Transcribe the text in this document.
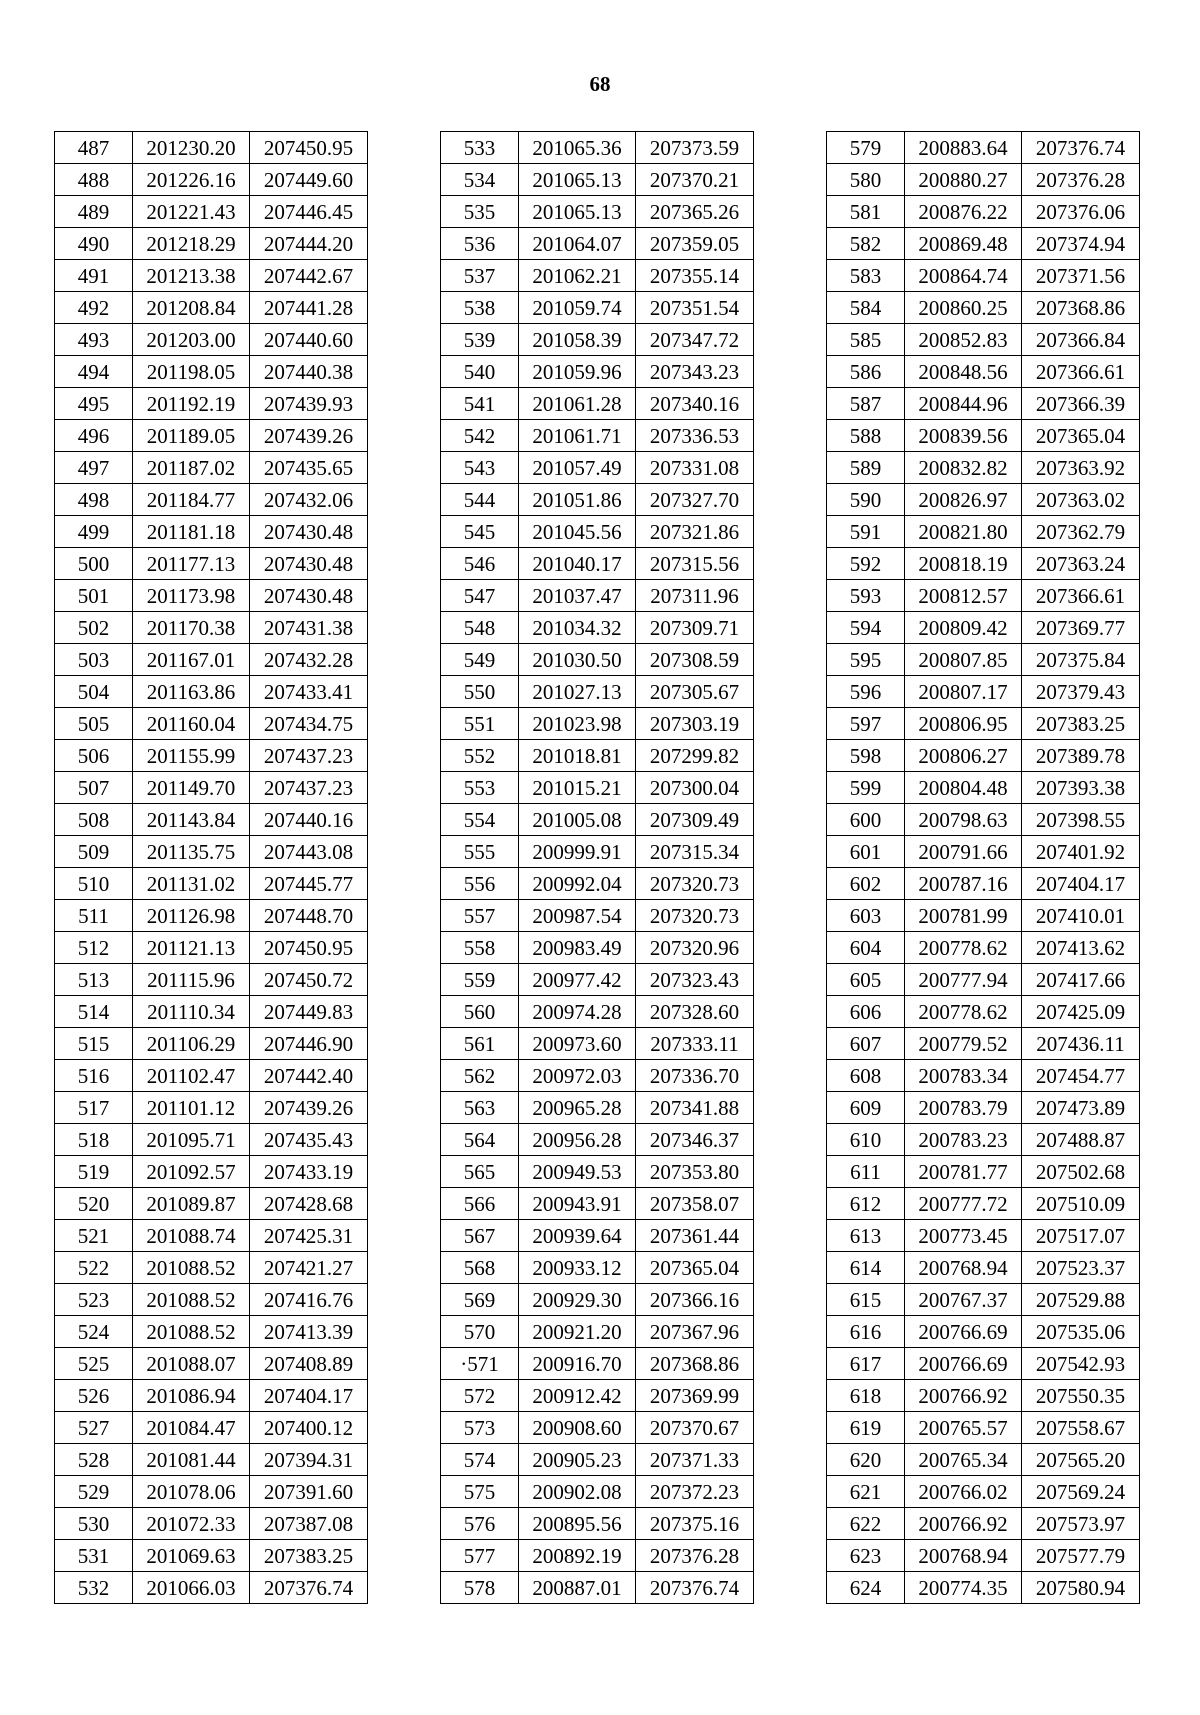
68
487	201230.20	207450.95
488	201226.16	207449.60
489	201221.43	207446.45
490	201218.29	207444.20
491	201213.38	207442.67
492	201208.84	207441.28
493	201203.00	207440.60
494	201198.05	207440.38
495	201192.19	207439.93
496	201189.05	207439.26
497	201187.02	207435.65
498	201184.77	207432.06
499	201181.18	207430.48
500	201177.13	207430.48
501	201173.98	207430.48
502	201170.38	207431.38
503	201167.01	207432.28
504	201163.86	207433.41
505	201160.04	207434.75
506	201155.99	207437.23
507	201149.70	207437.23
508	201143.84	207440.16
509	201135.75	207443.08
510	201131.02	207445.77
511	201126.98	207448.70
512	201121.13	207450.95
513	201115.96	207450.72
514	201110.34	207449.83
515	201106.29	207446.90
516	201102.47	207442.40
517	201101.12	207439.26
518	201095.71	207435.43
519	201092.57	207433.19
520	201089.87	207428.68
521	201088.74	207425.31
522	201088.52	207421.27
523	201088.52	207416.76
524	201088.52	207413.39
525	201088.07	207408.89
526	201086.94	207404.17
527	201084.47	207400.12
528	201081.44	207394.31
529	201078.06	207391.60
530	201072.33	207387.08
531	201069.63	207383.25
532	201066.03	207376.74
533	201065.36	207373.59
534	201065.13	207370.21
535	201065.13	207365.26
536	201064.07	207359.05
537	201062.21	207355.14
538	201059.74	207351.54
539	201058.39	207347.72
540	201059.96	207343.23
541	201061.28	207340.16
542	201061.71	207336.53
543	201057.49	207331.08
544	201051.86	207327.70
545	201045.56	207321.86
546	201040.17	207315.56
547	201037.47	207311.96
548	201034.32	207309.71
549	201030.50	207308.59
550	201027.13	207305.67
551	201023.98	207303.19
552	201018.81	207299.82
553	201015.21	207300.04
554	201005.08	207309.49
555	200999.91	207315.34
556	200992.04	207320.73
557	200987.54	207320.73
558	200983.49	207320.96
559	200977.42	207323.43
560	200974.28	207328.60
561	200973.60	207333.11
562	200972.03	207336.70
563	200965.28	207341.88
564	200956.28	207346.37
565	200949.53	207353.80
566	200943.91	207358.07
567	200939.64	207361.44
568	200933.12	207365.04
569	200929.30	207366.16
570	200921.20	207367.96
·571	200916.70	207368.86
572	200912.42	207369.99
573	200908.60	207370.67
574	200905.23	207371.33
575	200902.08	207372.23
576	200895.56	207375.16
577	200892.19	207376.28
578	200887.01	207376.74
579	200883.64	207376.74
580	200880.27	207376.28
581	200876.22	207376.06
582	200869.48	207374.94
583	200864.74	207371.56
584	200860.25	207368.86
585	200852.83	207366.84
586	200848.56	207366.61
587	200844.96	207366.39
588	200839.56	207365.04
589	200832.82	207363.92
590	200826.97	207363.02
591	200821.80	207362.79
592	200818.19	207363.24
593	200812.57	207366.61
594	200809.42	207369.77
595	200807.85	207375.84
596	200807.17	207379.43
597	200806.95	207383.25
598	200806.27	207389.78
599	200804.48	207393.38
600	200798.63	207398.55
601	200791.66	207401.92
602	200787.16	207404.17
603	200781.99	207410.01
604	200778.62	207413.62
605	200777.94	207417.66
606	200778.62	207425.09
607	200779.52	207436.11
608	200783.34	207454.77
609	200783.79	207473.89
610	200783.23	207488.87
611	200781.77	207502.68
612	200777.72	207510.09
613	200773.45	207517.07
614	200768.94	207523.37
615	200767.37	207529.88
616	200766.69	207535.06
617	200766.69	207542.93
618	200766.92	207550.35
619	200765.57	207558.67
620	200765.34	207565.20
621	200766.02	207569.24
622	200766.92	207573.97
623	200768.94	207577.79
624	200774.35	207580.94
